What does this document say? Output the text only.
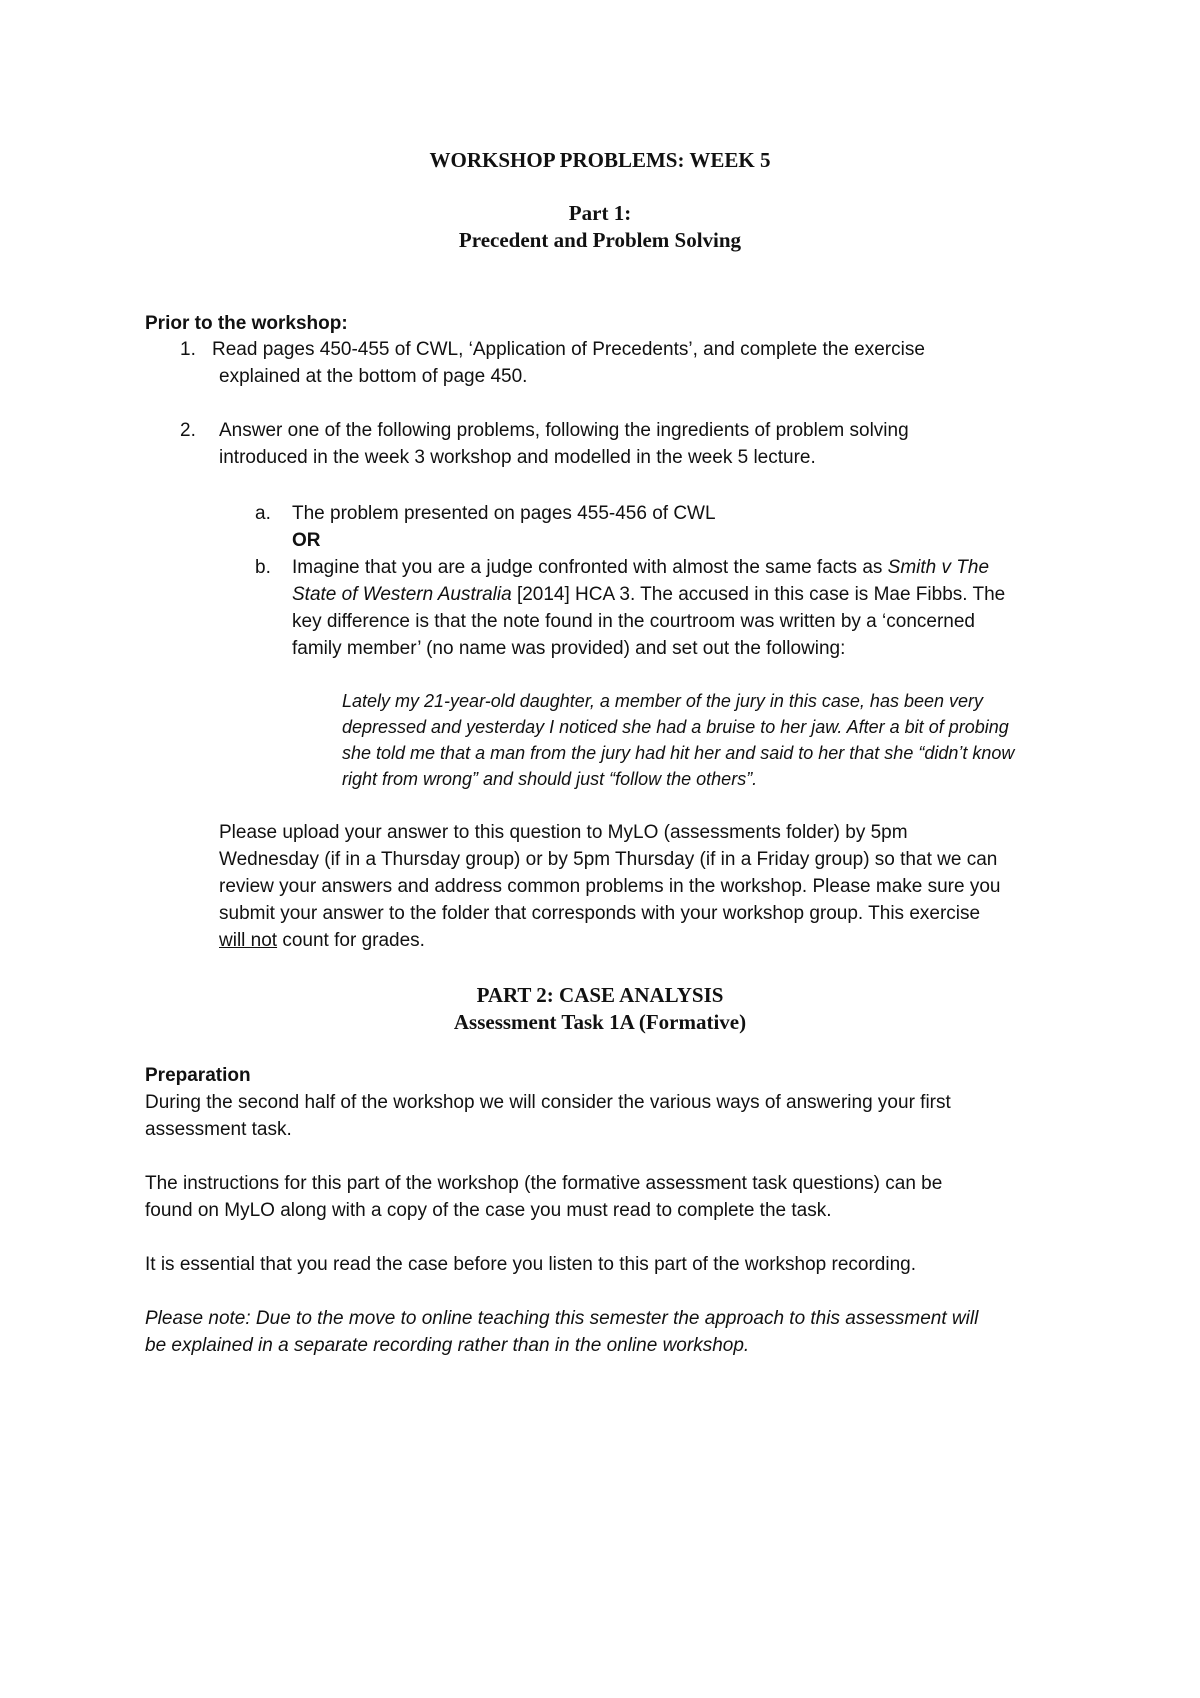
WORKSHOP PROBLEMS: WEEK 5
Part 1:
Precedent and Problem Solving
Prior to the workshop:
1. Read pages 450-455 of CWL, ‘Application of Precedents’, and complete the exercise
explained at the bottom of page 450.
2. Answer one of the following problems, following the ingredients of problem solving
introduced in the week 3 workshop and modelled in the week 5 lecture.
a. The problem presented on pages 455-456 of CWL
OR
b. Imagine that you are a judge confronted with almost the same facts as Smith v The
State of Western Australia [2014] HCA 3. The accused in this case is Mae Fibbs. The
key difference is that the note found in the courtroom was written by a ‘concerned
family member’ (no name was provided) and set out the following:
Lately my 21-year-old daughter, a member of the jury in this case, has been very
depressed and yesterday I noticed she had a bruise to her jaw. After a bit of probing
she told me that a man from the jury had hit her and said to her that she “didn’t know
right from wrong” and should just “follow the others”.
Please upload your answer to this question to MyLO (assessments folder) by 5pm
Wednesday (if in a Thursday group) or by 5pm Thursday (if in a Friday group) so that we can
review your answers and address common problems in the workshop. Please make sure you
submit your answer to the folder that corresponds with your workshop group. This exercise
will not count for grades.
PART 2: CASE ANALYSIS
Assessment Task 1A (Formative)
Preparation
During the second half of the workshop we will consider the various ways of answering your first
assessment task.
The instructions for this part of the workshop (the formative assessment task questions) can be
found on MyLO along with a copy of the case you must read to complete the task.
It is essential that you read the case before you listen to this part of the workshop recording.
Please note: Due to the move to online teaching this semester the approach to this assessment will
be explained in a separate recording rather than in the online workshop.
